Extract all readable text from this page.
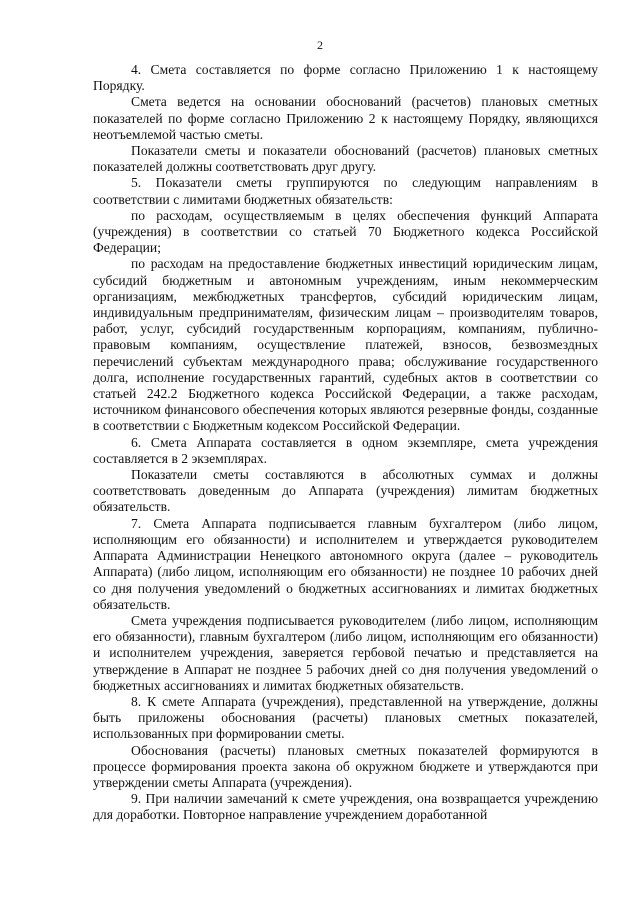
2

4. Смета составляется по форме согласно Приложению 1 к настоящему Порядку.

Смета ведется на основании обоснований (расчетов) плановых сметных показателей по форме согласно Приложению 2 к настоящему Порядку, являющихся неотъемлемой частью сметы.

Показатели сметы и показатели обоснований (расчетов) плановых сметных показателей должны соответствовать друг другу.

5. Показатели сметы группируются по следующим направлениям в соответствии с лимитами бюджетных обязательств:

по расходам, осуществляемым в целях обеспечения функций Аппарата (учреждения) в соответствии со статьей 70 Бюджетного кодекса Российской Федерации;

по расходам на предоставление бюджетных инвестиций юридическим лицам, субсидий бюджетным и автономным учреждениям, иным некоммерческим организациям, межбюджетных трансфертов, субсидий юридическим лицам, индивидуальным предпринимателям, физическим лицам – производителям товаров, работ, услуг, субсидий государственным корпорациям, компаниям, публично-правовым компаниям, осуществление платежей, взносов, безвозмездных перечислений субъектам международного права; обслуживание государственного долга, исполнение государственных гарантий, судебных актов в соответствии со статьей 242.2 Бюджетного кодекса Российской Федерации, а также расходам, источником финансового обеспечения которых являются резервные фонды, созданные в соответствии с Бюджетным кодексом Российской Федерации.

6. Смета Аппарата составляется в одном экземпляре, смета учреждения составляется в 2 экземплярах.

Показатели сметы составляются в абсолютных суммах и должны соответствовать доведенным до Аппарата (учреждения) лимитам бюджетных обязательств.

7. Смета Аппарата подписывается главным бухгалтером (либо лицом, исполняющим его обязанности) и исполнителем и утверждается руководителем Аппарата Администрации Ненецкого автономного округа (далее – руководитель Аппарата) (либо лицом, исполняющим его обязанности) не позднее 10 рабочих дней со дня получения уведомлений о бюджетных ассигнованиях и лимитах бюджетных обязательств.

Смета учреждения подписывается руководителем (либо лицом, исполняющим его обязанности), главным бухгалтером (либо лицом, исполняющим его обязанности) и исполнителем учреждения, заверяется гербовой печатью и представляется на утверждение в Аппарат не позднее 5 рабочих дней со дня получения уведомлений о бюджетных ассигнованиях и лимитах бюджетных обязательств.

8. К смете Аппарата (учреждения), представленной на утверждение, должны быть приложены обоснования (расчеты) плановых сметных показателей, использованных при формировании сметы.

Обоснования (расчеты) плановых сметных показателей формируются в процессе формирования проекта закона об окружном бюджете и утверждаются при утверждении сметы Аппарата (учреждения).

9. При наличии замечаний к смете учреждения, она возвращается учреждению для доработки. Повторное направление учреждением доработанной
